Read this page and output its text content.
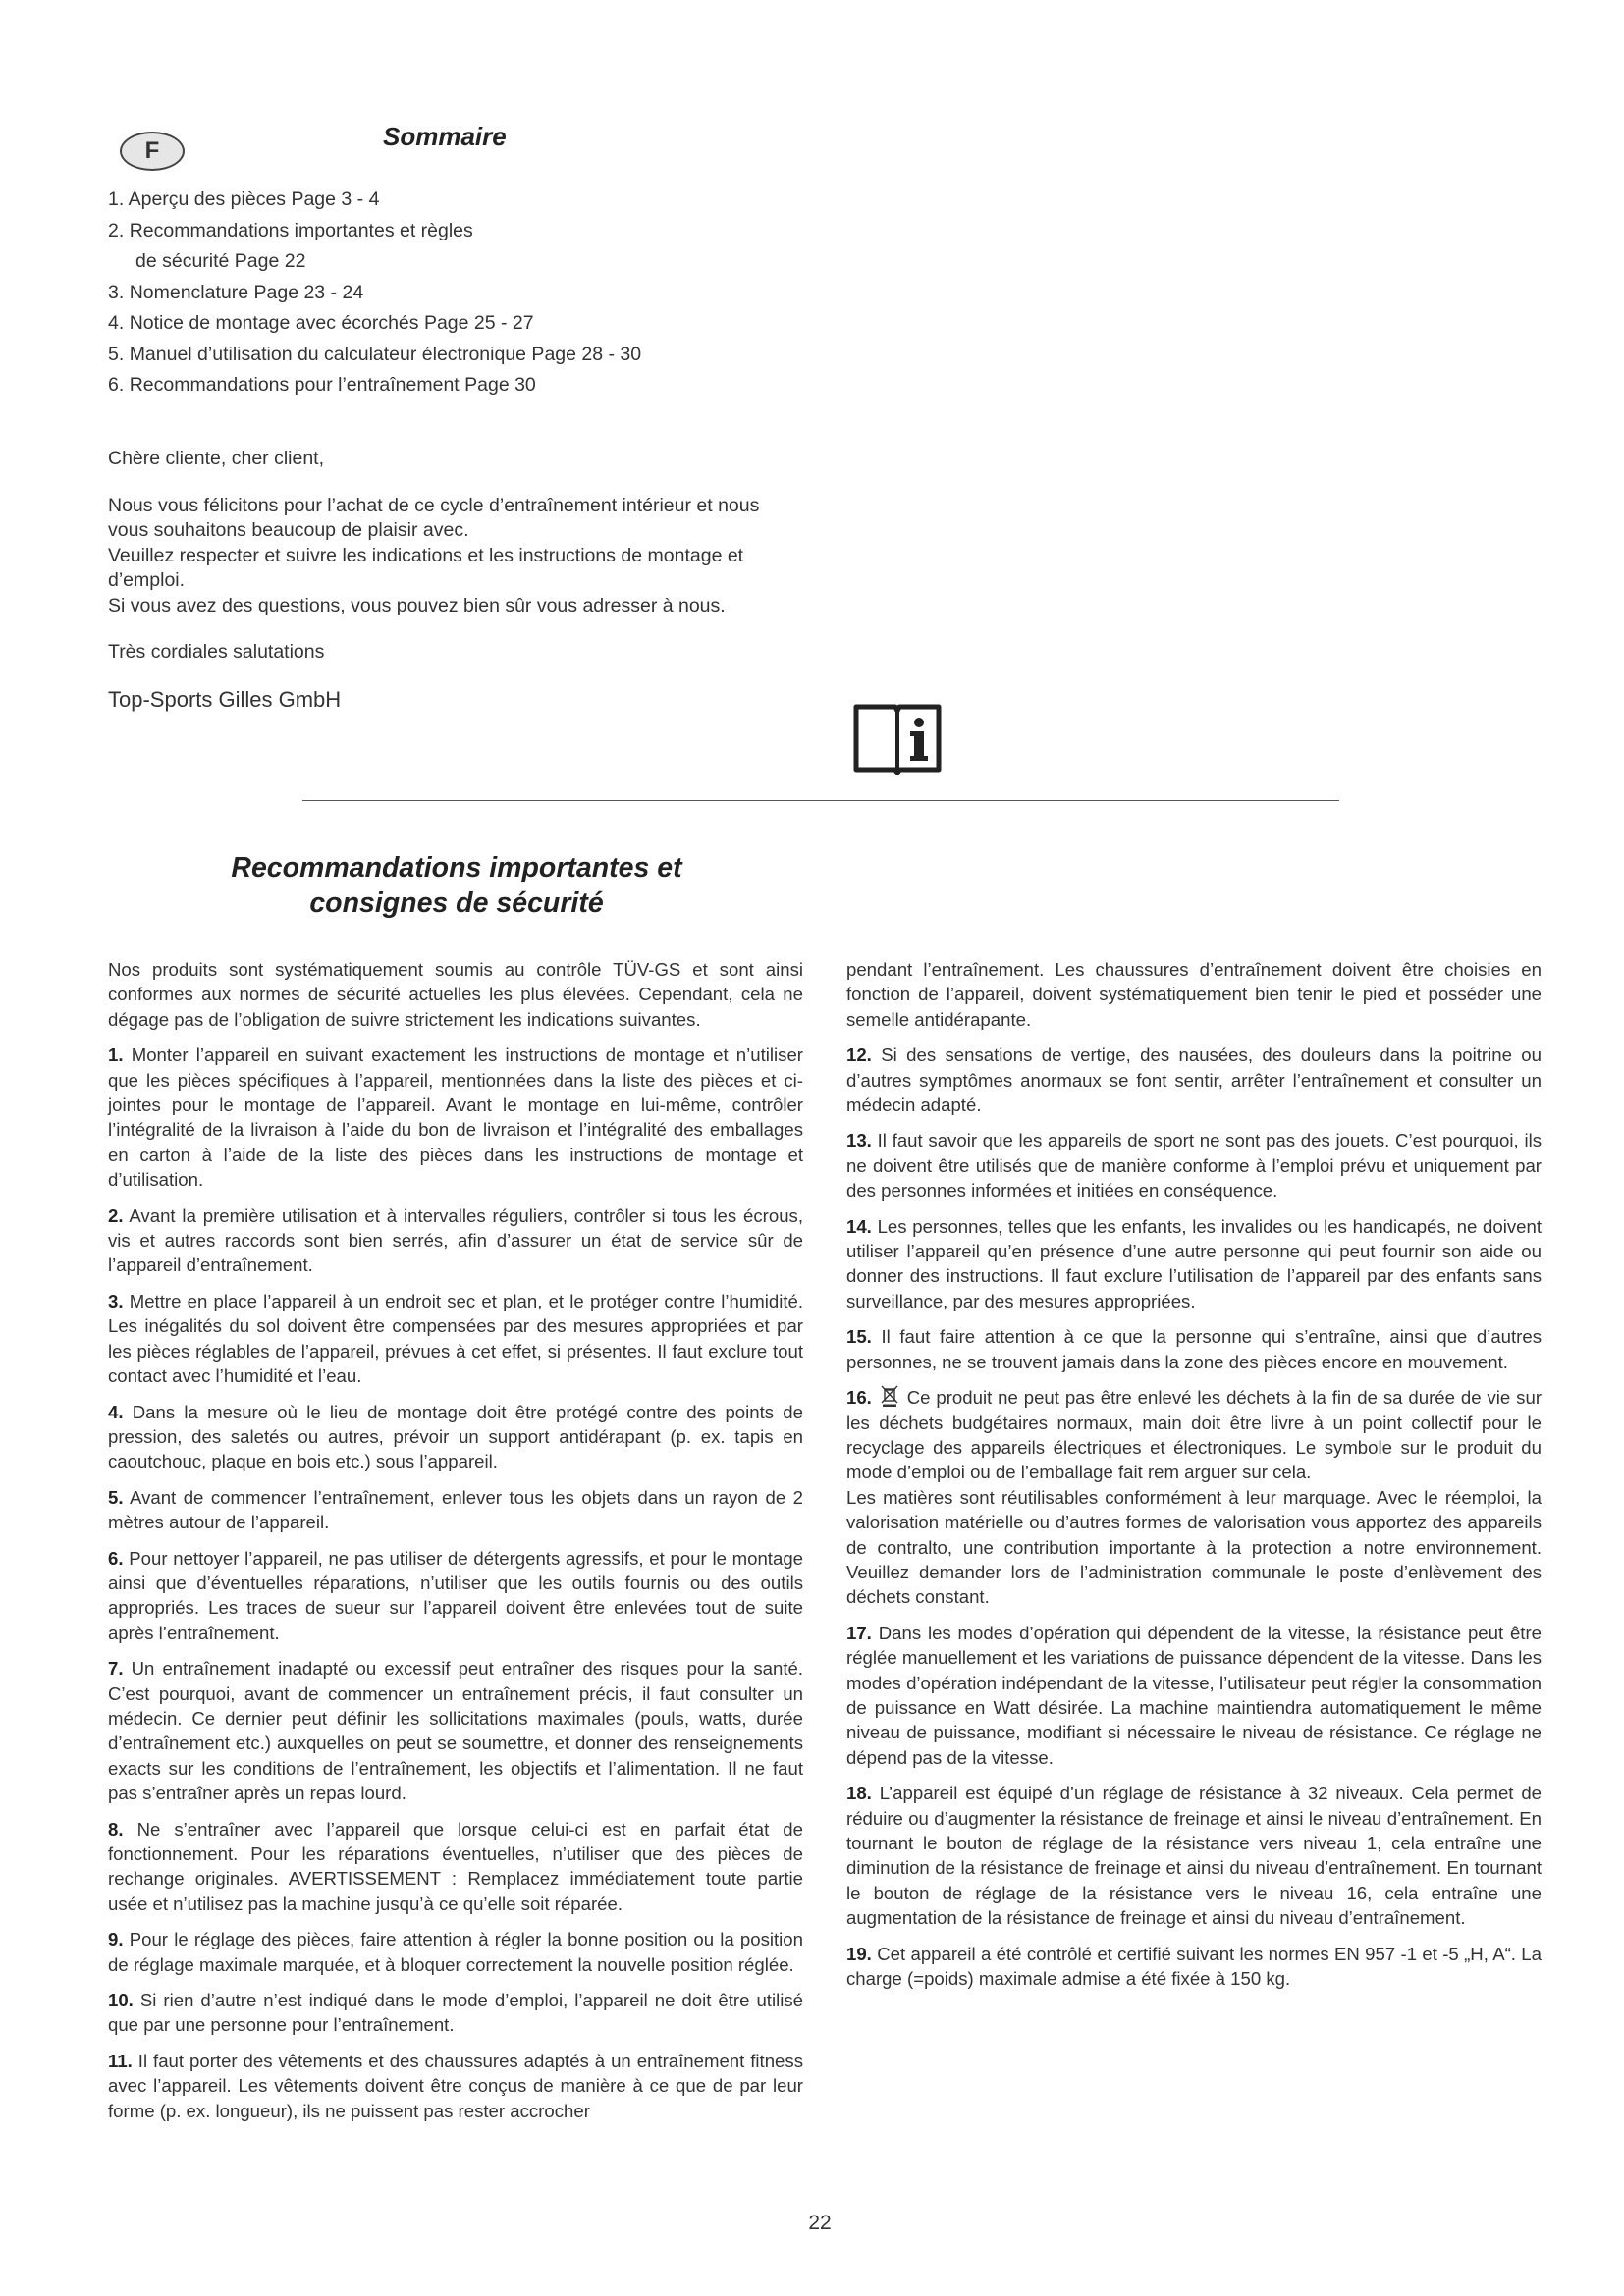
F	Sommaire
1. Aperçu des pièces Page 3 - 4
2. Recommandations importantes et règles
de sécurité Page 22
3. Nomenclature Page 23 - 24
4. Notice de montage avec écorchés Page 25 - 27
5. Manuel d’utilisation du calculateur électronique Page 28 - 30
6. Recommandations pour l’entraînement Page 30

Chère cliente, cher client,

Nous vous félicitons pour l’achat de ce cycle d’entraînement intérieur et nous vous souhaitons beaucoup de plaisir avec.

Veuillez respecter et suivre les indications et les instructions de montage et d’emploi.

Si vous avez des questions, vous pouvez bien sûr vous adresser à nous.

Très cordiales salutations

Top-Sports Gilles GmbH

Recommandations importantes et
consignes de sécurité

Nos produits sont systématiquement soumis au contrôle TÜV-GS et sont ainsi conformes aux normes de sécurité actuelles les plus élevées. Cependant, cela ne dégage pas de l’obligation de suivre strictement les indications suivantes.

1. Monter l’appareil en suivant exactement les instructions de montage et n’utiliser que les pièces spécifiques à l’appareil, mentionnées dans la liste des pièces et ci-jointes pour le montage de l’appareil. Avant le montage en lui-même, contrôler l’intégralité de la livraison à l’aide du bon de livraison et l’intégralité des emballages en carton à l’aide de la liste des pièces dans les instructions de montage et d’utilisation.

2. Avant la première utilisation et à intervalles réguliers, contrôler si tous les écrous, vis et autres raccords sont bien serrés, afin d’assurer un état de service sûr de l’appareil d’entraînement.

3. Mettre en place l’appareil à un endroit sec et plan, et le protéger contre l’humidité. Les inégalités du sol doivent être compensées par des mesures appropriées et par les pièces réglables de l’appareil, prévues à cet effet, si présentes. Il faut exclure tout contact avec l’humidité et l’eau.

4. Dans la mesure où le lieu de montage doit être protégé contre des points de pression, des saletés ou autres, prévoir un support antidérapant (p. ex. tapis en caoutchouc, plaque en bois etc.) sous l’appareil.

5. Avant de commencer l’entraînement, enlever tous les objets dans un rayon de 2 mètres autour de l’appareil.

6. Pour nettoyer l’appareil, ne pas utiliser de détergents agressifs, et pour le montage ainsi que d’éventuelles réparations, n’utiliser que les outils fournis ou des outils appropriés. Les traces de sueur sur l’appareil doivent être enlevées tout de suite après l’entraînement.

7. Un entraînement inadapté ou excessif peut entraîner des risques pour la santé. C’est pourquoi, avant de commencer un entraînement précis, il faut consulter un médecin. Ce dernier peut définir les sollicitations maximales (pouls, watts, durée d’entraînement etc.) auxquelles on peut se soumettre, et donner des renseignements exacts sur les conditions de l’entraînement, les objectifs et l’alimentation. Il ne faut pas s’entraîner après un repas lourd.

8. Ne s’entraîner avec l’appareil que lorsque celui-ci est en parfait état de fonctionnement. Pour les réparations éventuelles, n’utiliser que des pièces de rechange originales. AVERTISSEMENT : Remplacez immédiatement toute partie usée et n’utilisez pas la machine jusqu’à ce qu’elle soit réparée.

9. Pour le réglage des pièces, faire attention à régler la bonne position ou la position de réglage maximale marquée, et à bloquer correctement la nouvelle position réglée.

10. Si rien d’autre n’est indiqué dans le mode d’emploi, l’appareil ne doit être utilisé que par une personne pour l’entraînement.

11. Il faut porter des vêtements et des chaussures adaptés à un entraînement fitness avec l’appareil. Les vêtements doivent être conçus de manière à ce que de par leur forme (p. ex. longueur), ils ne puissent pas rester accrocher

pendant l’entraînement. Les chaussures d’entraînement doivent être choisies en fonction de l’appareil, doivent systématiquement bien tenir le pied et posséder une semelle antidérapante.

12. Si des sensations de vertige, des nausées, des douleurs dans la poitrine ou d’autres symptômes anormaux se font sentir, arrêter l’entraînement et consulter un médecin adapté.

13. Il faut savoir que les appareils de sport ne sont pas des jouets. C’est pourquoi, ils ne doivent être utilisés que de manière conforme à l’emploi prévu et uniquement par des personnes informées et initiées en conséquence.

14. Les personnes, telles que les enfants, les invalides ou les handicapés, ne doivent utiliser l’appareil qu’en présence d’une autre personne qui peut fournir son aide ou donner des instructions. Il faut exclure l’utilisation de l’appareil par des enfants sans surveillance, par des mesures appropriées.

15. Il faut faire attention à ce que la personne qui s’entraîne, ainsi que d’autres personnes, ne se trouvent jamais dans la zone des pièces encore en mouvement.

16. Ce produit ne peut pas être enlevé les déchets à la fin de sa durée de vie sur les déchets budgétaires normaux, main doit être livre à un point collectif pour le recyclage des appareils électriques et électroniques. Le symbole sur le produit du mode d’emploi ou de l’emballage fait rem arguer sur cela.

Les matières sont réutilisables conformément à leur marquage. Avec le réemploi, la valorisation matérielle ou d’autres formes de valorisation vous apportez des appareils de contralto, une contribution importante à la protection a notre environnement. Veuillez demander lors de l’administration communale le poste d’enlèvement des déchets constant.

17. Dans les modes d’opération qui dépendent de la vitesse, la résistance peut être réglée manuellement et les variations de puissance dépendent de la vitesse. Dans les modes d’opération indépendant de la vitesse, l’utilisateur peut régler la consommation de puissance en Watt désirée. La machine maintiendra automatiquement le même niveau de puissance, modifiant si nécessaire le niveau de résistance. Ce réglage ne dépend pas de la vitesse.

18. L’appareil est équipé d’un réglage de résistance à 32 niveaux. Cela permet de réduire ou d’augmenter la résistance de freinage et ainsi le niveau d’entraînement. En tournant le bouton de réglage de la résistance vers niveau 1, cela entraîne une diminution de la résistance de freinage et ainsi du niveau d’entraînement. En tournant le bouton de réglage de la résistance vers le niveau 16, cela entraîne une augmentation de la résistance de freinage et ainsi du niveau d’entraînement.

19. Cet appareil a été contrôlé et certifié suivant les normes EN 957 -1 et -5 „H, A“. La charge (=poids) maximale admise a été fixée à 150 kg.

22
